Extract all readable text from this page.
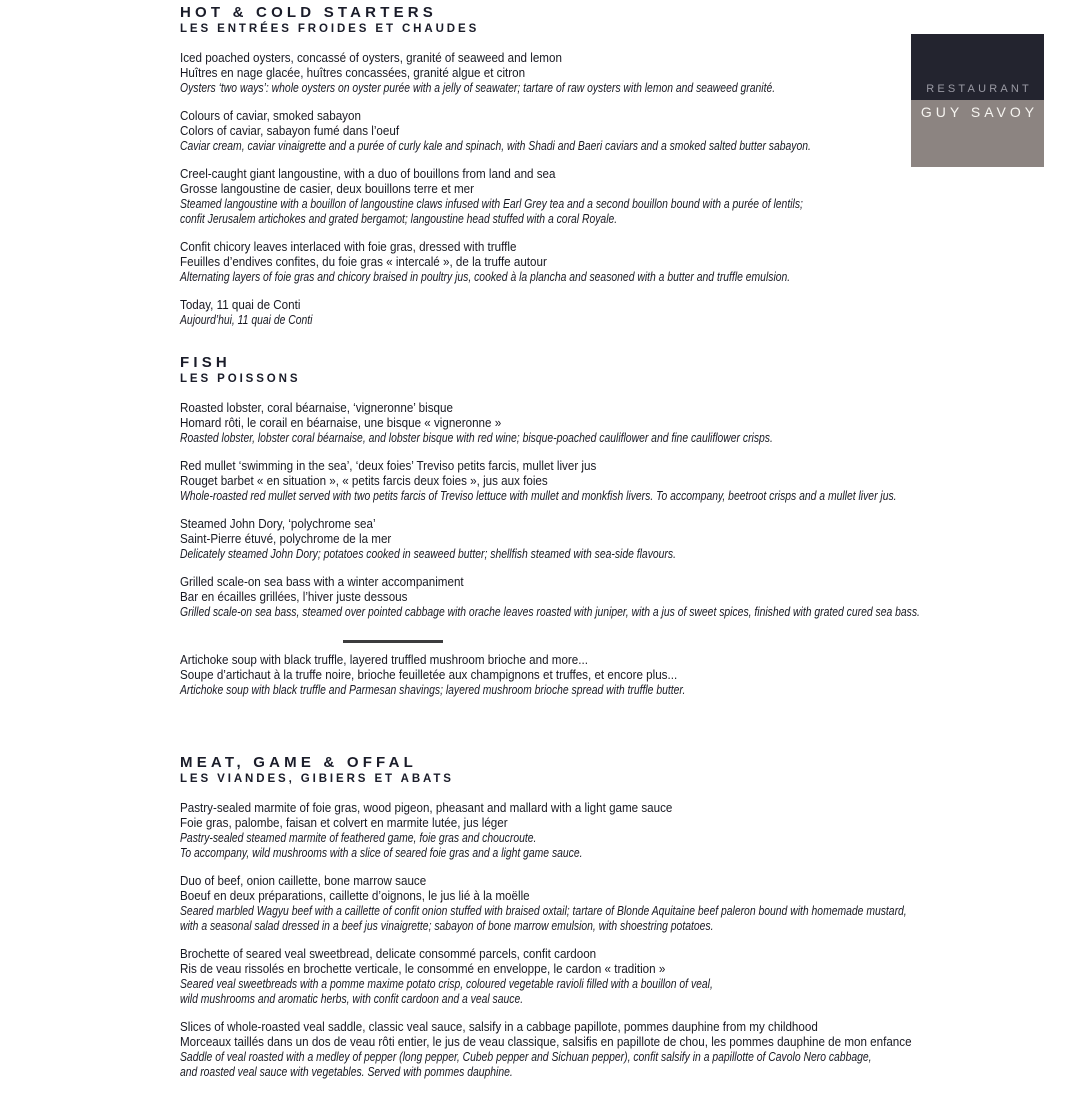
RESTAURANT
GUY SAVOY
HOT & COLD STARTERS
LES ENTRÉES FROIDES ET CHAUDES
Iced poached oysters, concassé of oysters, granité of seaweed and lemon
Huîtres en nage glacée, huîtres concassées, granité algue et citron
Oysters ‘two ways’: whole oysters on oyster purée with a jelly of seawater; tartare of raw oysters with lemon and seaweed granité.
Colours of caviar, smoked sabayon
Colors of caviar, sabayon fumé dans l’oeuf
Caviar cream, caviar vinaigrette and a purée of curly kale and spinach, with Shadi and Baeri caviars and a smoked salted butter sabayon.
Creel-caught giant langoustine, with a duo of bouillons from land and sea
Grosse langoustine de casier, deux bouillons terre et mer
Steamed langoustine with a bouillon of langoustine claws infused with Earl Grey tea and a second bouillon bound with a purée of lentils;
confit Jerusalem artichokes and grated bergamot; langoustine head stuffed with a coral Royale.
Confit chicory leaves interlaced with foie gras, dressed with truffle
Feuilles d’endives confites, du foie gras « intercalé », de la truffe autour
Alternating layers of foie gras and chicory braised in poultry jus, cooked à la plancha and seasoned with a butter and truffle emulsion.
Today, 11 quai de Conti
Aujourd’hui, 11 quai de Conti
FISH
LES POISSONS
Roasted lobster, coral béarnaise, ‘vigneronne’ bisque
Homard rôti, le corail en béarnaise, une bisque « vigneronne »
Roasted lobster, lobster coral béarnaise, and lobster bisque with red wine; bisque-poached cauliflower and fine cauliflower crisps.
Red mullet ‘swimming in the sea’, ‘deux foies’ Treviso petits farcis, mullet liver jus
Rouget barbet « en situation », « petits farcis deux foies », jus aux foies
Whole-roasted red mullet served with two petits farcis of Treviso lettuce with mullet and monkfish livers. To accompany, beetroot crisps and a mullet liver jus.
Steamed John Dory, ‘polychrome sea’
Saint-Pierre étuvé, polychrome de la mer
Delicately steamed John Dory; potatoes cooked in seaweed butter; shellfish steamed with sea-side flavours.
Grilled scale-on sea bass with a winter accompaniment
Bar en écailles grillées, l’hiver juste dessous
Grilled scale-on sea bass, steamed over pointed cabbage with orache leaves roasted with juniper, with a jus of sweet spices, finished with grated cured sea bass.
Artichoke soup with black truffle, layered truffled mushroom brioche and more...
Soupe d’artichaut à la truffe noire, brioche feuilletée aux champignons et truffes, et encore plus...
Artichoke soup with black truffle and Parmesan shavings; layered mushroom brioche spread with truffle butter.
MEAT, GAME & OFFAL
LES VIANDES, GIBIERS ET ABATS
Pastry-sealed marmite of foie gras, wood pigeon, pheasant and mallard with a light game sauce
Foie gras, palombe, faisan et colvert en marmite lutée, jus léger
Pastry-sealed steamed marmite of feathered game, foie gras and choucroute.
To accompany, wild mushrooms with a slice of seared foie gras and a light game sauce.
Duo of beef, onion caillette, bone marrow sauce
Boeuf en deux préparations, caillette d’oignons, le jus lié à la moëlle
Seared marbled Wagyu beef with a caillette of confit onion stuffed with braised oxtail; tartare of Blonde Aquitaine beef paleron bound with homemade mustard,
with a seasonal salad dressed in a beef jus vinaigrette; sabayon of bone marrow emulsion, with shoestring potatoes.
Brochette of seared veal sweetbread, delicate consommé parcels, confit cardoon
Ris de veau rissolés en brochette verticale, le consommé en enveloppe, le cardon « tradition »
Seared veal sweetbreads with a pomme maxime potato crisp, coloured vegetable ravioli filled with a bouillon of veal,
wild mushrooms and aromatic herbs, with confit cardoon and a veal sauce.
Slices of whole-roasted veal saddle, classic veal sauce, salsify in a cabbage papillote, pommes dauphine from my childhood
Morceaux taillés dans un dos de veau rôti entier, le jus de veau classique, salsifis en papillote de chou, les pommes dauphine de mon enfance
Saddle of veal roasted with a medley of pepper (long pepper, Cubeb pepper and Sichuan pepper), confit salsify in a papillotte of Cavolo Nero cabbage,
and roasted veal sauce with vegetables. Served with pommes dauphine.
